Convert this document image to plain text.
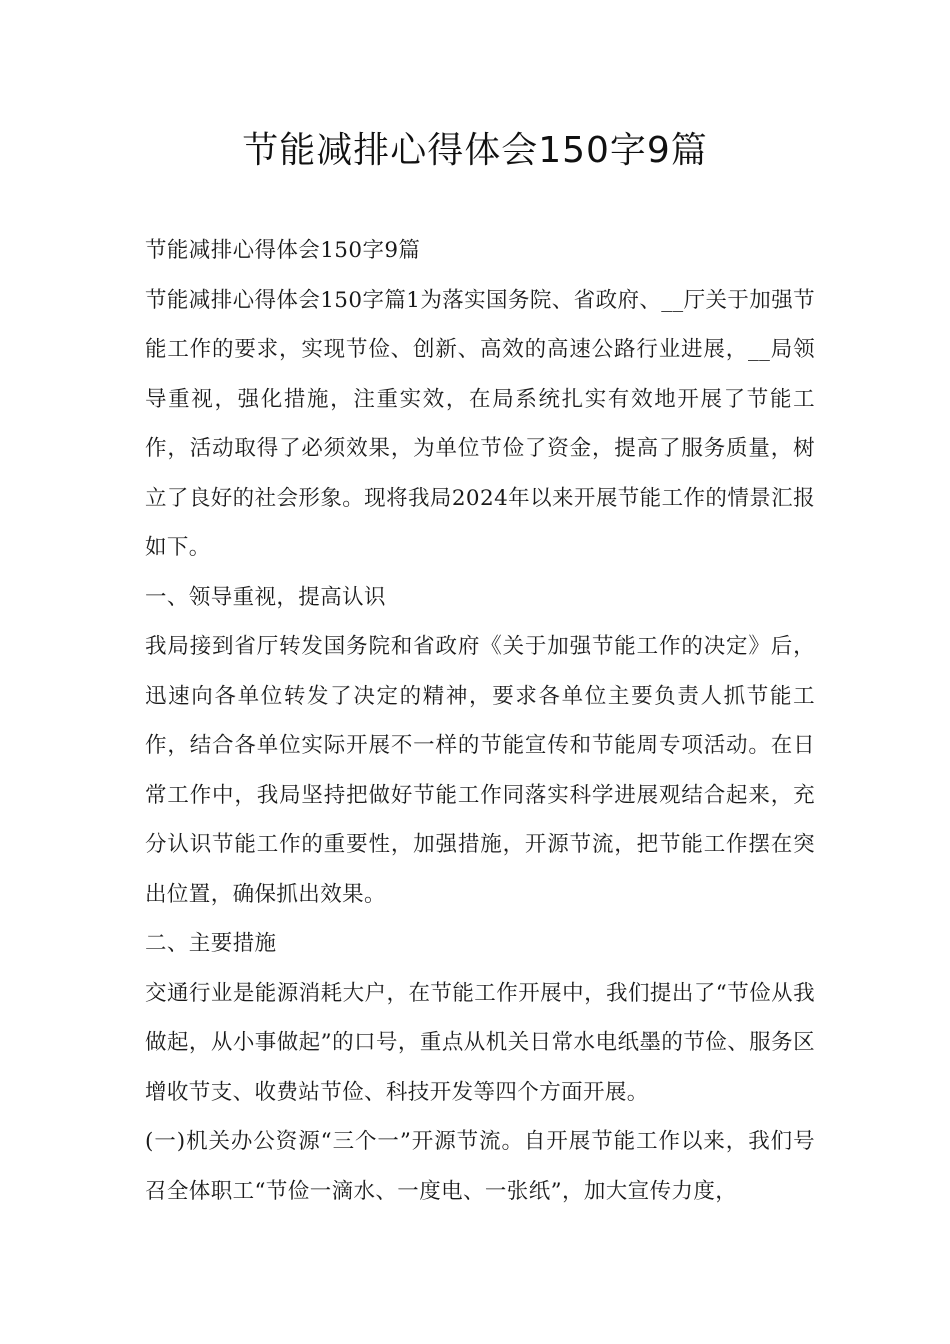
节能减排心得体会150字9篇

节能减排心得体会150字9篇

节能减排心得体会150字篇1为落实国务院、省政府、__厅关于加强节能工作的要求，实现节俭、创新、高效的高速公路行业进展，__局领导重视，强化措施，注重实效，在局系统扎实有效地开展了节能工作，活动取得了必须效果，为单位节俭了资金，提高了服务质量，树立了良好的社会形象。现将我局2024年以来开展节能工作的情景汇报如下。

一、领导重视，提高认识

我局接到省厅转发国务院和省政府《关于加强节能工作的决定》后，迅速向各单位转发了决定的精神，要求各单位主要负责人抓节能工作，结合各单位实际开展不一样的节能宣传和节能周专项活动。在日常工作中，我局坚持把做好节能工作同落实科学进展观结合起来，充分认识节能工作的重要性，加强措施，开源节流，把节能工作摆在突出位置，确保抓出效果。

二、主要措施

交通行业是能源消耗大户，在节能工作开展中，我们提出了“节俭从我做起，从小事做起”的口号，重点从机关日常水电纸墨的节俭、服务区增收节支、收费站节俭、科技开发等四个方面开展。

(一)机关办公资源“三个一”开源节流。自开展节能工作以来，我们号召全体职工“节俭一滴水、一度电、一张纸”，加大宣传力度，
